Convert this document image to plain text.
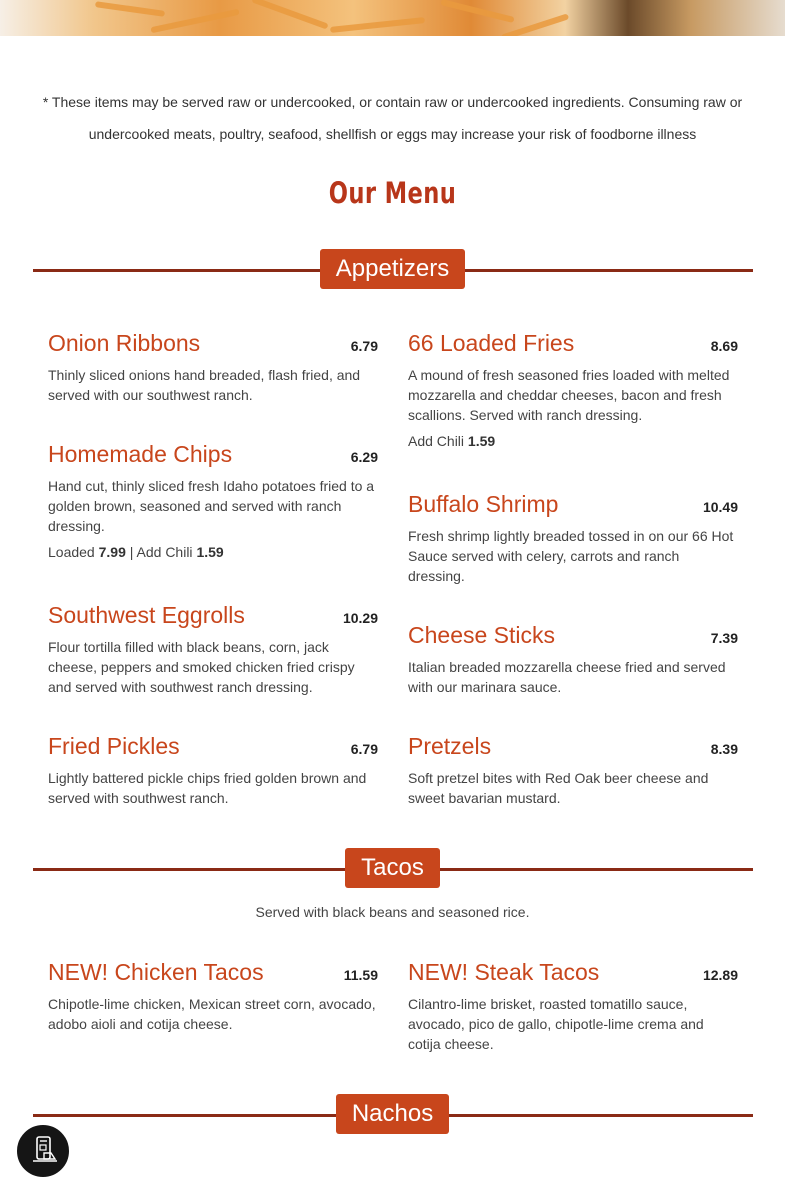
* These items may be served raw or undercooked, or contain raw or undercooked ingredients. Consuming raw or undercooked meats, poultry, seafood, shellfish or eggs may increase your risk of foodborne illness
Our Menu
Appetizers
Onion Ribbons	6.79
Thinly sliced onions hand breaded, flash fried, and served with our southwest ranch.
Homemade Chips	6.29
Hand cut, thinly sliced fresh Idaho potatoes fried to a golden brown, seasoned and served with ranch dressing.
Loaded 7.99 | Add Chili 1.59
Southwest Eggrolls	10.29
Flour tortilla filled with black beans, corn, jack cheese, peppers and smoked chicken fried crispy and served with southwest ranch dressing.
Fried Pickles	6.79
Lightly battered pickle chips fried golden brown and served with southwest ranch.
66 Loaded Fries	8.69
A mound of fresh seasoned fries loaded with melted mozzarella and cheddar cheeses, bacon and fresh scallions. Served with ranch dressing.
Add Chili 1.59
Buffalo Shrimp	10.49
Fresh shrimp lightly breaded tossed in on our 66 Hot Sauce served with celery, carrots and ranch dressing.
Cheese Sticks	7.39
Italian breaded mozzarella cheese fried and served with our marinara sauce.
Pretzels	8.39
Soft pretzel bites with Red Oak beer cheese and sweet bavarian mustard.
Tacos
Served with black beans and seasoned rice.
NEW! Chicken Tacos	11.59
Chipotle-lime chicken, Mexican street corn, avocado, adobo aioli and cotija cheese.
NEW! Steak Tacos	12.89
Cilantro-lime brisket, roasted tomatillo sauce, avocado, pico de gallo, chipotle-lime crema and cotija cheese.
Nachos
